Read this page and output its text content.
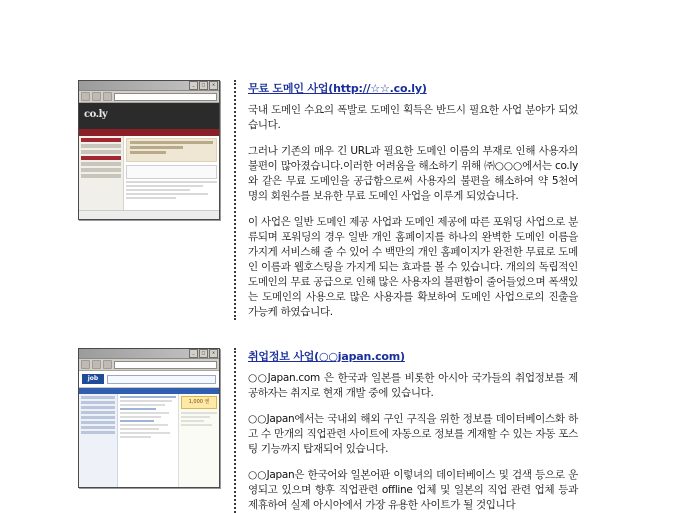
_	□	×
co.ly
무료 도메인 사업(http://☆☆.co.ly)

국내 도메인 수요의 폭발로 도메인 획득은 반드시 필요한 사업 분야가 되었습니다.

그러나 기존의 매우 긴 URL과 필요한 도메인 이름의 부재로 인해 사용자의 불편이 많아졌습니다.이러한 어려움을 해소하기 위해 ㈜○○○에서는 co.ly와 같은 무료 도메인을 공급함으로써 사용자의 불편을 해소하여 약 5천여 명의 회원수를 보유한 무료 도메인 사업을 이루게 되었습니다.

이 사업은 일반 도메인 제공 사업과 도메인 제공에 따른 포워딩 사업으로 분류되며 포워딩의 경우 일반 개인 홈페이지를 하나의 완벽한 도메인 이름을 가지게 서비스해 줄 수 있어 수 백만의 개인 홈페이지가 완전한 무료로 도메인 이름과 웹호스팅을 가지게 되는 효과를 볼 수 있습니다. 개의의 독립적인 도메인의 무료 공급으로 인해 많은 사용자의 불편함이 줄어들었으며 폭색있는 도메인의 사용으로 많은 사용자를 확보하여 도메인 사업으로의 진출을 가능케 하였습니다.

_	□	×
job
1,000 엔
취업정보 사업(○○japan.com)

○○Japan.com 은 한국과 일본를 비롯한 아시아 국가들의 취업정보를 제공하자는 취지로 현재 개발 중에 있습니다.

○○Japan에서는 국내외 해외 구인 구직을 위한 정보를 데이터베이스화 하고 수 만개의 직업관련 사이트에 자동으로 정보를 게재할 수 있는 자동 포스팅 기능까지 탑재되어 있습니다.

○○Japan은 한국어와 일본어판 이렇녀의 데이터베이스 및 검색 등으로 운영되고 있으며 향후 직업관련 offline 업체 및 일본의 직업 관련 업체 등과 제휴하여 실제 아시아에서 가장 유용한 사이트가 될 것입니다
